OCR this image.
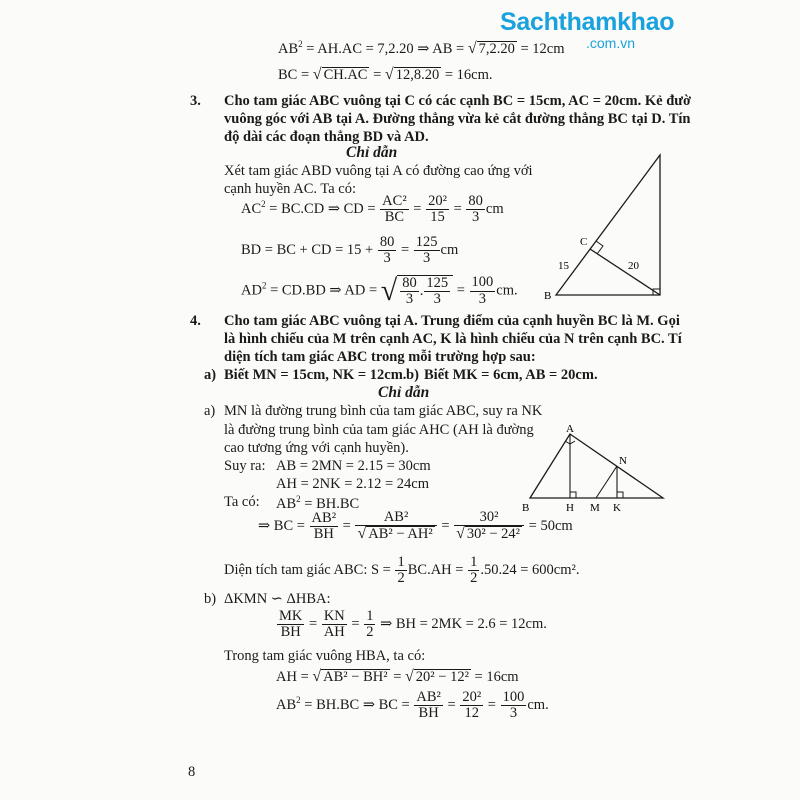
Sachthamkhao
.com.vn
$AB^2 = AH.AC = 7,2.20$ ⇒ AB = √ 7,2.20 = 12cm
BC = √ CH.AC = √ 12,8.20 = 16cm.
3. Cho tam giác ABC vuông tại C có các cạnh BC = 15cm, AC = 20cm. Kẻ đườ
vuông góc với AB tại A. Đường thẳng vừa kẻ cắt đường thẳng BC tại D. Tín
độ dài các đoạn thẳng BD và AD.
Chỉ dẫn
Xét tam giác ABD vuông tại A có đường cao ứng với
cạnh huyền AC. Ta có:
$AC^2 = BC.CD$ ⇒ CD = $\frac{\text{AC²}}{BC} = \frac{\text{20²}}{15} = \frac{80}{3}$ cm
BD = BC + CD = $15 + \frac{80}{3} = \frac{125}{3}$ cm
$AD^2 = CD.BD$ ⇒ AD = √ $\frac{80}{3}$ . $\frac{125}{3} = \frac{100}{3}$ cm.
C
B
15	20
4. Cho tam giác ABC vuông tại A. Trung điểm của cạnh huyền BC là M. Gọi
là hình chiếu của M trên cạnh AC, K là hình chiếu của N trên cạnh BC. Tí
diện tích tam giác ABC trong mỗi trường hợp sau:
a) Biết MN = 15cm, NK = 12cm. b) Biết MK = 6cm, AB = 20cm.
Chỉ dẫn
a) MN là đường trung bình của tam giác ABC, suy ra NK
là đường trung bình của tam giác AHC (AH là đường
cao tương ứng với cạnh huyền).
Suy ra: AB = 2MN = 2.15 = 30cm
AH = 2NK = 2.12 = 24cm
Ta có: $AB^2 = BH.BC$
⇒ BC = $\frac{\text{AB²}}{BH} = \frac{\text{AB²}}{\text{√ AB² − AH²}} = \frac{\text{30²}}{\text{√ 30² − 24²}} = 50cm$
Diện tích tam giác ABC: $S = \frac{1}{2} BC.AH = \frac{1}{2} .50.24 = 600cm^2$.
b) ΔKMN ∽ ΔHBA:
$\frac{MK}{BH} = \frac{KN}{AH} = \frac{1}{2}$ ⇒ BH = 2MK = 2.6 = 12cm.
Trong tam giác vuông HBA, ta có:
AH = √ AB² − BH² = √ 20² − 12² = 16cm
$AB^2 = BH.BC$ ⇒ BC = $\frac{\text{AB²}}{BH} = \frac{\text{20²}}{12} = \frac{100}{3}$ cm.
A
N
B	H M K
8
